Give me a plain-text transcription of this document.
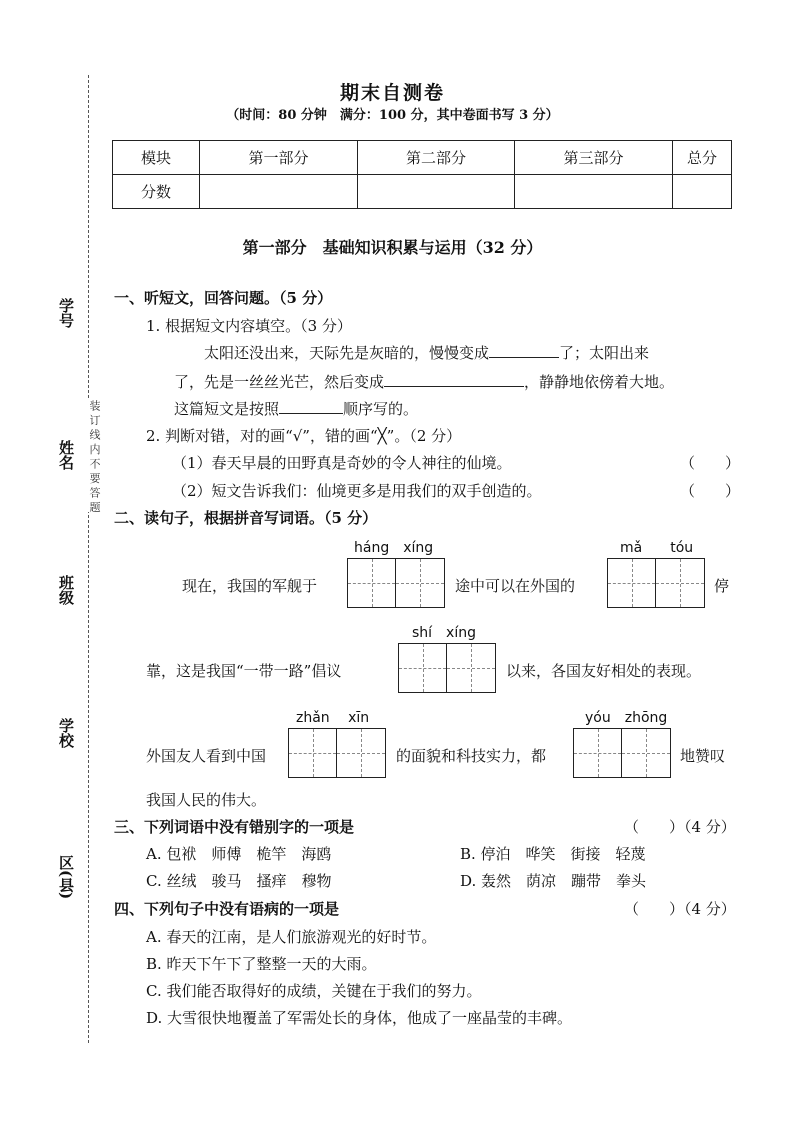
学号
姓名
班级
学校
区(县)
装 订 线 内 不 要 答 题
期末自测卷
（时间：80 分钟　满分：100 分，其中卷面书写 3 分）
模块	第一部分	第二部分	第三部分	总分
分数				
第一部分　基础知识积累与运用（32 分）
一、听短文，回答问题。（5 分）
1. 根据短文内容填空。（3 分）
太阳还没出来，天际先是灰暗的，慢慢变成	了；太阳出来
了，先是一丝丝光芒，然后变成	，静静地依傍着大地。
这篇短文是按照	顺序写的。
2. 判断对错，对的画“√”，错的画“╳”。（2 分）
（1）春天早晨的田野真是奇妙的令人神往的仙境。	（　　）
（2）短文告诉我们：仙境更多是用我们的双手创造的。	（　　）
二、读句子，根据拼音写词语。（5 分）
háng　xíng	mǎ　　tóu
现在，我国的军舰于	途中可以在外国的	停
shí　xíng
靠，这是我国“一带一路”倡议	以来，各国友好相处的表现。
zhǎn　 xīn	yóu　zhōng
外国友人看到中国	的面貌和科技实力，都	地赞叹
我国人民的伟大。
三、下列词语中没有错别字的一项是	（　　）（4 分）
A. 包袱　师傅　桅竿　海鸥	B. 停泊　哗笑　街接　轻蔑
C. 丝绒　骏马　搔痒　穆物	D. 轰然　荫凉　蹦带　拳头
四、下列句子中没有语病的一项是	（　　）（4 分）
A. 春天的江南，是人们旅游观光的好时节。
B. 昨天下午下了整整一天的大雨。
C. 我们能否取得好的成绩，关键在于我们的努力。
D. 大雪很快地覆盖了军需处长的身体，他成了一座晶莹的丰碑。
